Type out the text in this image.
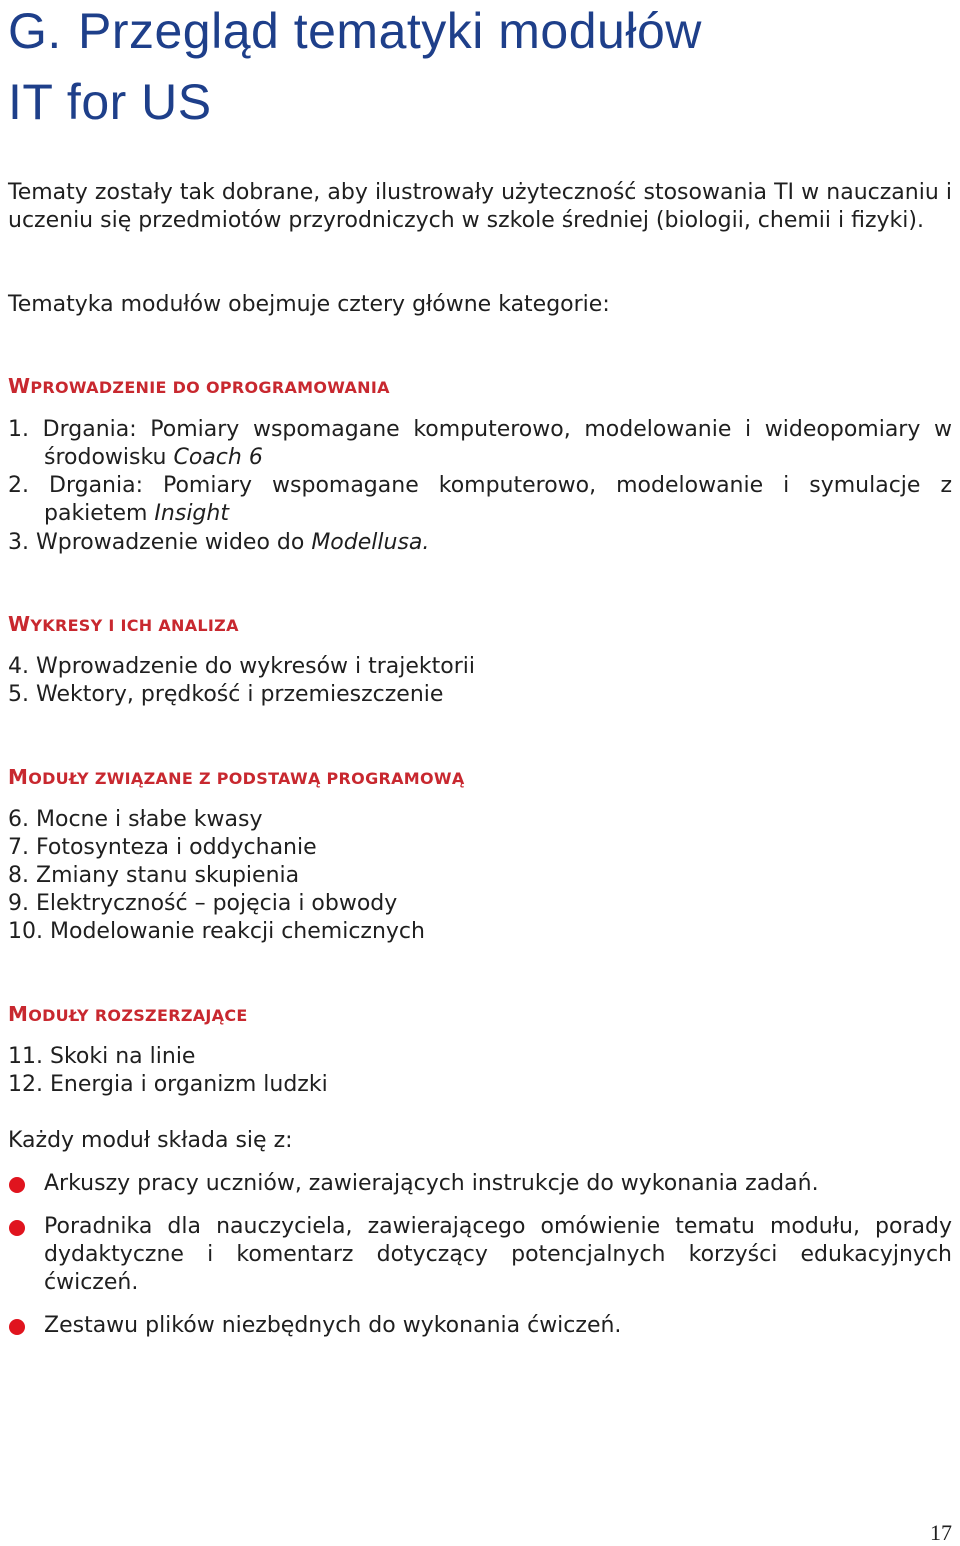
G. Przegląd tematyki modułów
IT for US
Tematy zostały tak dobrane, aby ilustrowały użyteczność stosowania TI w nauczaniu i uczeniu się przedmiotów przyrodniczych w szkole średniej (biologii, chemii i fizyki).
Tematyka modułów obejmuje cztery główne kategorie:
WPROWADZENIE DO OPROGRAMOWANIA
1. Drgania: Pomiary wspomagane komputerowo, modelowanie i wideopomiary w środowisku Coach 6
2. Drgania: Pomiary wspomagane komputerowo, modelowanie i symulacje z pakietem Insight
3. Wprowadzenie wideo do Modellusa.
WYKRESY I ICH ANALIZA
4. Wprowadzenie do wykresów i trajektorii
5. Wektory, prędkość i przemieszczenie
MODUŁY ZWIĄZANE Z PODSTAWĄ PROGRAMOWĄ
6. Mocne i słabe kwasy
7. Fotosynteza i oddychanie
8. Zmiany stanu skupienia
9. Elektryczność – pojęcia i obwody
10. Modelowanie reakcji chemicznych
MODUŁY ROZSZERZAJĄCE
11. Skoki na linie
12. Energia i organizm ludzki
Każdy moduł składa się z:
Arkuszy pracy uczniów, zawierających instrukcje do wykonania zadań.
Poradnika dla nauczyciela, zawierającego omówienie tematu modułu, porady dydaktyczne i komentarz dotyczący potencjalnych korzyści edukacyjnych ćwiczeń.
Zestawu plików niezbędnych do wykonania ćwiczeń.
17
